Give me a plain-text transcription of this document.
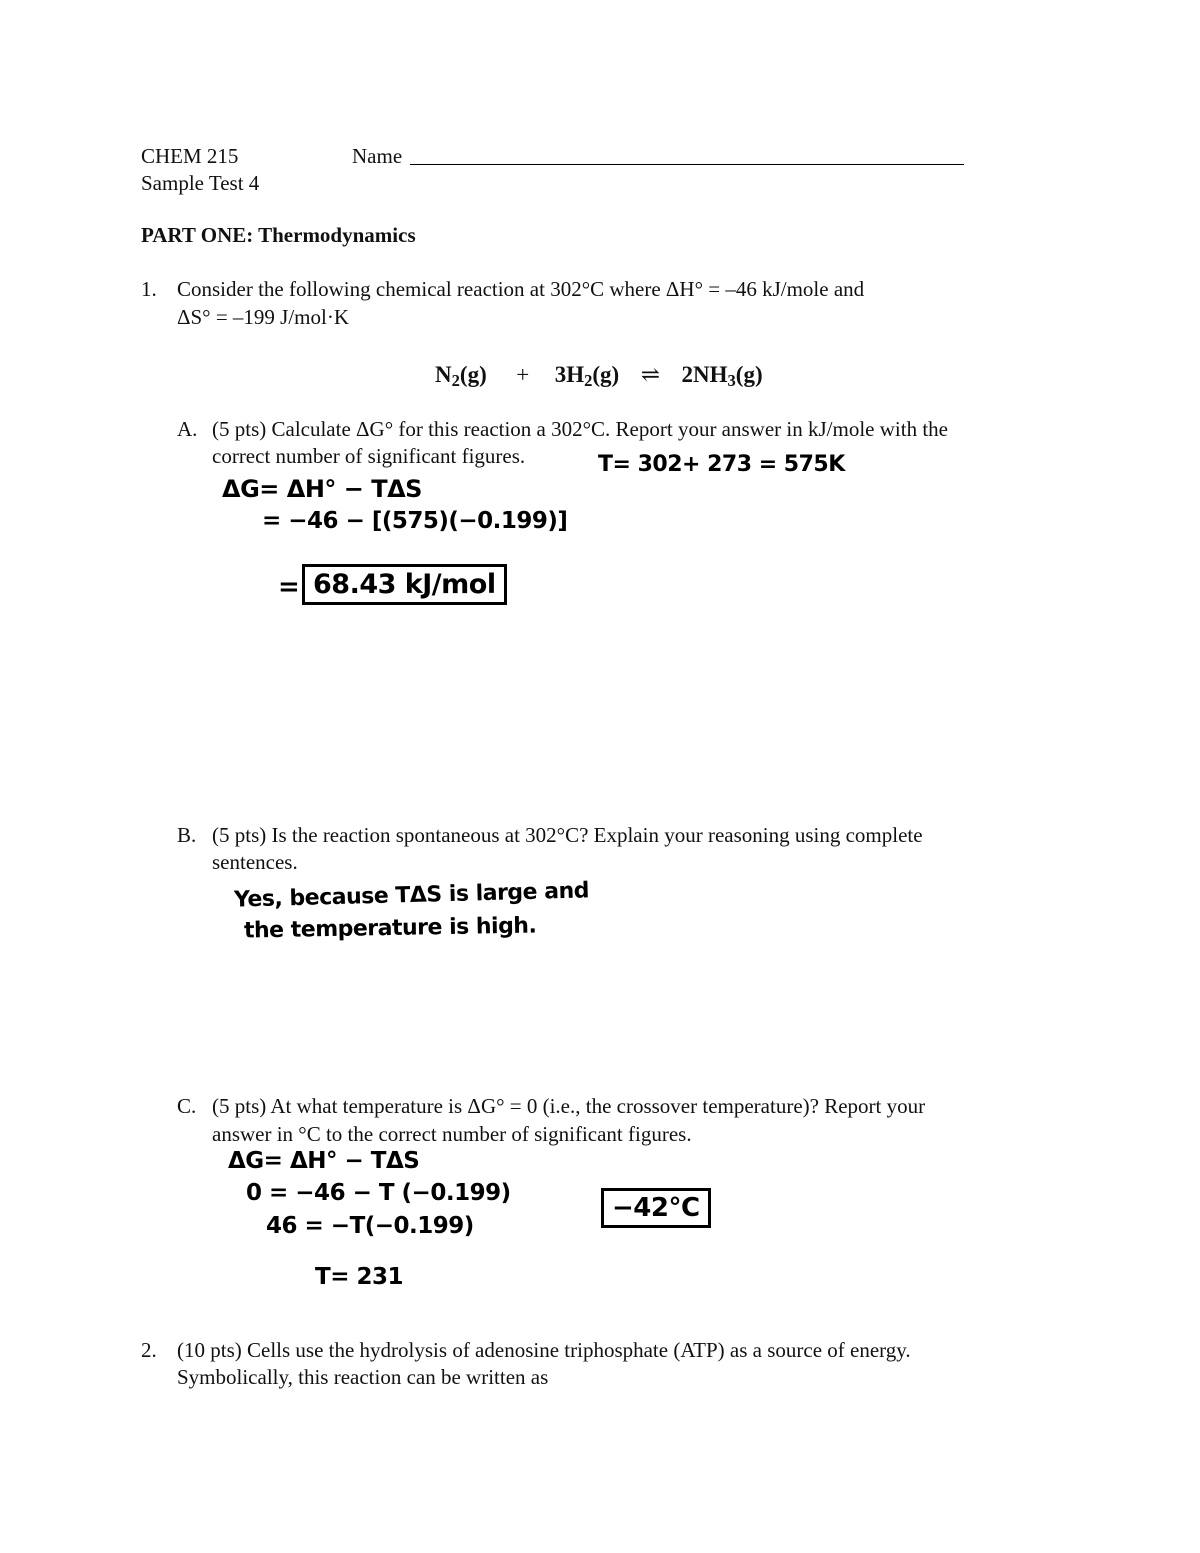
CHEM 215	Name
Sample Test 4
PART ONE: Thermodynamics
1. Consider the following chemical reaction at 302°C where ΔH° = –46 kJ/mole and
ΔS° = –199 J/mol·K
$N_2(g) + 3H_2(g)$ ⇌ $2NH_3(g)$
A. (5 pts) Calculate ΔG° for this reaction a 302°C. Report your answer in kJ/mole with the
correct number of significant figures.	T= 302+ 273 = 575K
ΔG= ΔH° − TΔS
= −46 − [(575)(−0.199)]
= 68.43 kJ/mol
B. (5 pts) Is the reaction spontaneous at 302°C? Explain your reasoning using complete
sentences.
Yes, because TΔS is large and
the temperature is high.
C. (5 pts) At what temperature is ΔG° = 0 (i.e., the crossover temperature)? Report your
answer in °C to the correct number of significant figures.
ΔG= ΔH° − TΔS
0 = −46 − T (−0.199)
46 = −T(−0.199)
T= 231
−42°C
2. (10 pts) Cells use the hydrolysis of adenosine triphosphate (ATP) as a source of energy.
Symbolically, this reaction can be written as
